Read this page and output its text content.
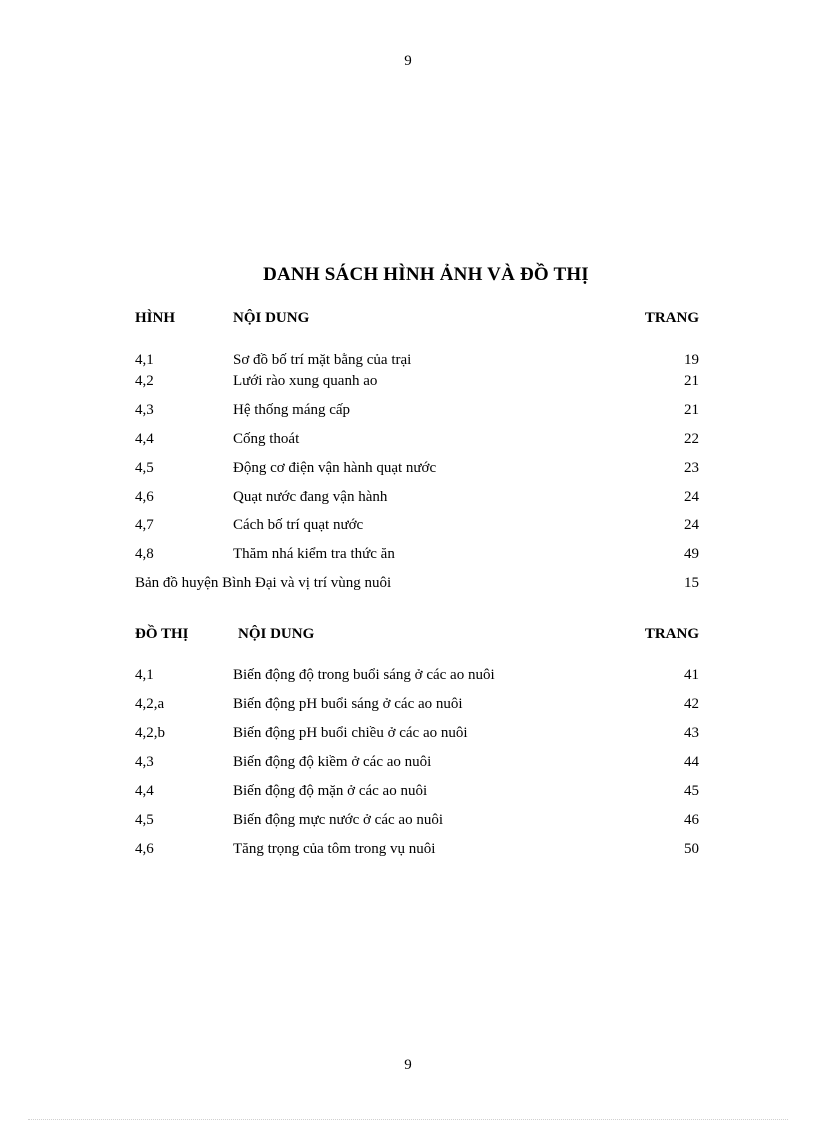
9
DANH SÁCH HÌNH ẢNH VÀ ĐỒ THỊ
HÌNH	NỘI DUNG	TRANG
4,1	Sơ đồ bố trí mặt bằng của trại	19
4,2	Lưới rào xung quanh ao	21
4,3	Hệ thống máng cấp	21
4,4	Cống thoát	22
4,5	Động cơ điện vận hành quạt nước	23
4,6	Quạt nước đang vận hành	24
4,7	Cách bố trí quạt nước	24
4,8	Thăm nhá kiểm tra thức ăn	49
Bản đồ huyện Bình Đại và vị trí vùng nuôi	15
ĐỒ THỊ	NỘI DUNG	TRANG
4,1	Biến động độ trong buổi sáng ở các ao nuôi	41
4,2,a	Biến động pH buổi sáng ở các ao nuôi	42
4,2,b	Biến động pH buổi chiều ở các ao nuôi	43
4,3	Biến động độ kiềm ở các ao nuôi	44
4,4	Biến động độ mặn ở các ao nuôi	45
4,5	Biến động mực nước ở các ao nuôi	46
4,6	Tăng trọng của tôm trong vụ nuôi	50
9
